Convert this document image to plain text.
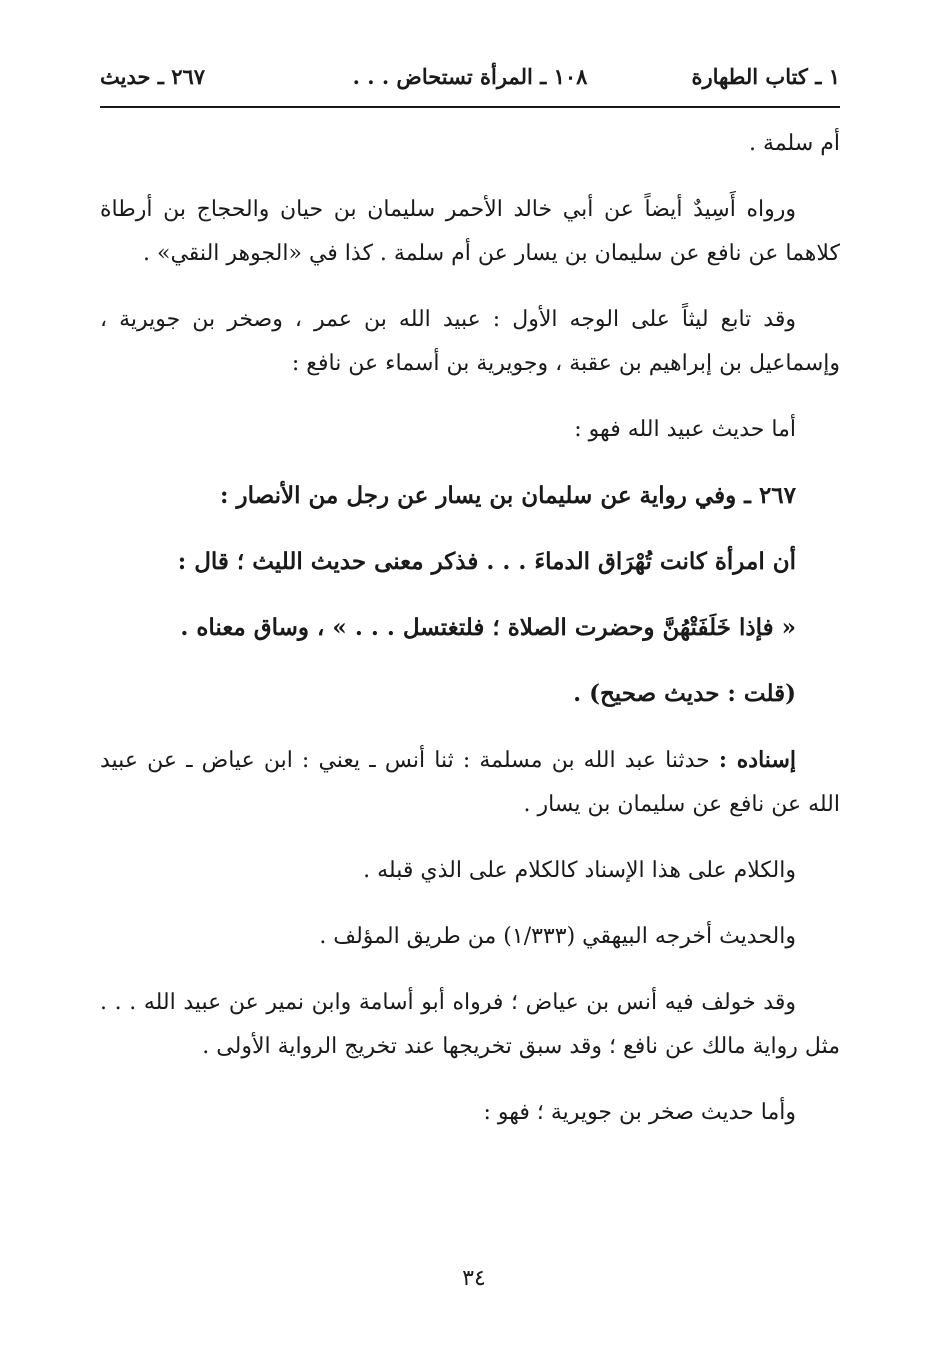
١ ـ كتاب الطهارة
١٠٨ ـ المرأة تستحاض . . .
٢٦٧ ـ حديث

أم سلمة .

ورواه أَسِيدٌ أيضاً عن أبي خالد الأحمر سليمان بن حيان والحجاج بن أرطاة كلاهما عن نافع عن سليمان بن يسار عن أم سلمة . كذا في «الجوهر النقي» .

وقد تابع ليثاً على الوجه الأول : عبيد الله بن عمر ، وصخر بن جويرية ، وإسماعيل بن إبراهيم بن عقبة ، وجويرية بن أسماء عن نافع :

أما حديث عبيد الله فهو :

٢٦٧ ـ وفي رواية عن سليمان بن يسار عن رجل من الأنصار :

أن امرأة كانت تُهْرَاق الدماءَ . . . فذكر معنى حديث الليث ؛ قال :

« فإذا خَلَفَتْهُنَّ وحضرت الصلاة ؛ فلتغتسل . . . » ، وساق معناه .

(قلت : حديث صحيح) .

إسناده : حدثنا عبد الله بن مسلمة : ثنا أنس ـ يعني : ابن عياض ـ عن عبيد الله عن نافع عن سليمان بن يسار .

والكلام على هذا الإسناد كالكلام على الذي قبله .

والحديث أخرجه البيهقي (١/٣٣٣) من طريق المؤلف .

وقد خولف فيه أنس بن عياض ؛ فرواه أبو أسامة وابن نمير عن عبيد الله . . . مثل رواية مالك عن نافع ؛ وقد سبق تخريجها عند تخريج الرواية الأولى .

وأما حديث صخر بن جويرية ؛ فهو :

٣٤
